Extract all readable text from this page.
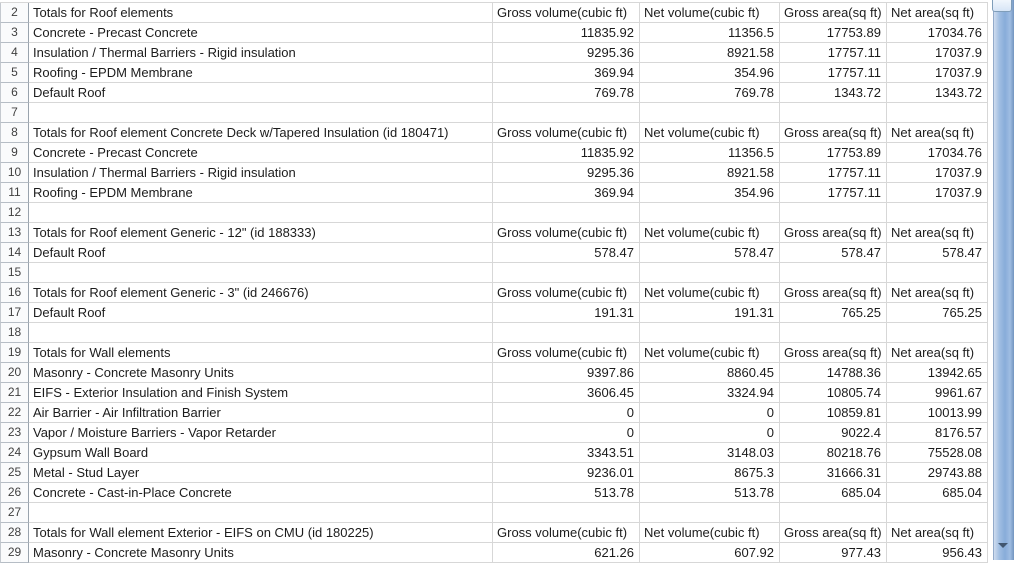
2	Totals for Roof elements	Gross volume(cubic ft)	Net volume(cubic ft)	Gross area(sq ft) Net area(sq ft)
3	Concrete - Precast Concrete	11835.92	11356.5	17753.89	17034.76
4	Insulation / Thermal Barriers - Rigid insulation	9295.36	8921.58	17757.11	17037.9
5	Roofing - EPDM Membrane	369.94	354.96	17757.11	17037.9
6	Default Roof	769.78	769.78	1343.72	1343.72
7
8	Totals for Roof element Concrete Deck w/Tapered Insulation (id 180471)	Gross volume(cubic ft)	Net volume(cubic ft)	Gross area(sq ft) Net area(sq ft)
9	Concrete - Precast Concrete	11835.92	11356.5	17753.89	17034.76
10 Insulation / Thermal Barriers - Rigid insulation	9295.36	8921.58	17757.11	17037.9
11 Roofing - EPDM Membrane	369.94	354.96	17757.11	17037.9
12
13 Totals for Roof element Generic - 12" (id 188333)	Gross volume(cubic ft)	Net volume(cubic ft)	Gross area(sq ft) Net area(sq ft)
14 Default Roof	578.47	578.47	578.47	578.47
15
16 Totals for Roof element Generic - 3" (id 246676)	Gross volume(cubic ft)	Net volume(cubic ft)	Gross area(sq ft) Net area(sq ft)
17 Default Roof	191.31	191.31	765.25	765.25
18
19 Totals for Wall elements	Gross volume(cubic ft)	Net volume(cubic ft)	Gross area(sq ft) Net area(sq ft)
20 Masonry - Concrete Masonry Units	9397.86	8860.45	14788.36	13942.65
21 EIFS - Exterior Insulation and Finish System	3606.45	3324.94	10805.74	9961.67
22 Air Barrier - Air Infiltration Barrier	0	0	10859.81	10013.99
23 Vapor / Moisture Barriers - Vapor Retarder	0	0	9022.4	8176.57
24 Gypsum Wall Board	3343.51	3148.03	80218.76	75528.08
25 Metal - Stud Layer	9236.01	8675.3	31666.31	29743.88
26 Concrete - Cast-in-Place Concrete	513.78	513.78	685.04	685.04
27
28 Totals for Wall element Exterior - EIFS on CMU (id 180225)	Gross volume(cubic ft)	Net volume(cubic ft)	Gross area(sq ft) Net area(sq ft)
29 Masonry - Concrete Masonry Units	621.26	607.92	977.43	956.43
